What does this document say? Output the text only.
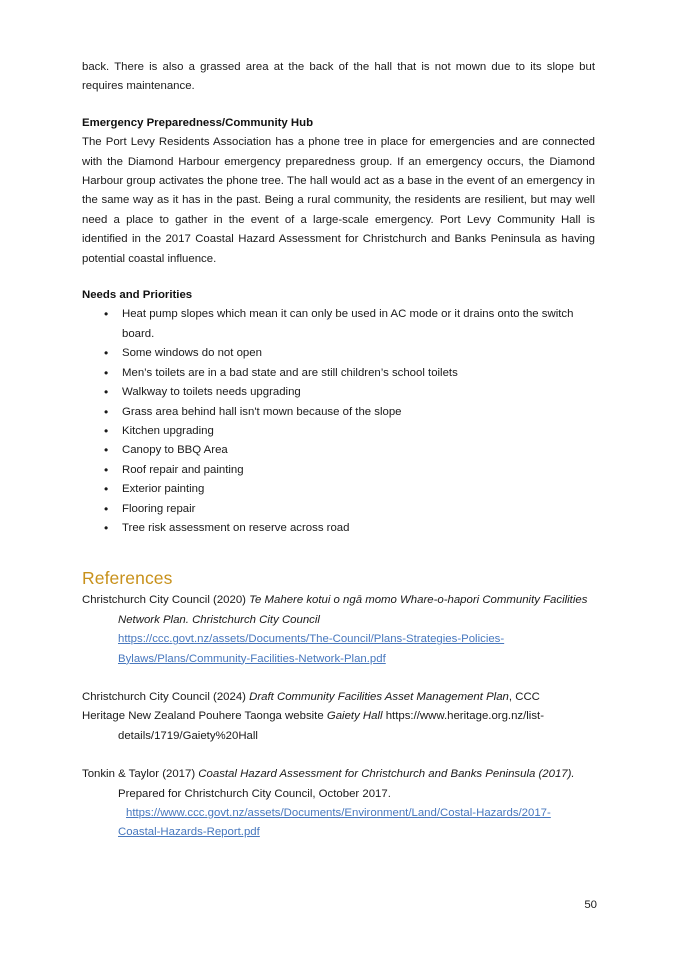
back. There is also a grassed area at the back of the hall that is not mown due to its slope but requires maintenance.

Emergency Preparedness/Community Hub

The Port Levy Residents Association has a phone tree in place for emergencies and are connected with the Diamond Harbour emergency preparedness group. If an emergency occurs, the Diamond Harbour group activates the phone tree. The hall would act as a base in the event of an emergency in the same way as it has in the past. Being a rural community, the residents are resilient, but may well need a place to gather in the event of a large-scale emergency. Port Levy Community Hall is identified in the 2017 Coastal Hazard Assessment for Christchurch and Banks Peninsula as having potential coastal influence.

Needs and Priorities
• Heat pump slopes which mean it can only be used in AC mode or it drains onto the switch board.
• Some windows do not open
• Men’s toilets are in a bad state and are still children’s school toilets
• Walkway to toilets needs upgrading
• Grass area behind hall isn't mown because of the slope
• Kitchen upgrading
• Canopy to BBQ Area
• Roof repair and painting
• Exterior painting
• Flooring repair
• Tree risk assessment on reserve across road
References
Christchurch City Council (2020) Te Mahere kotui o ngā momo Whare-o-hapori Community Facilities
Network Plan. Christchurch City Council
https://ccc.govt.nz/assets/Documents/The-Council/Plans-Strategies-Policies-
Bylaws/Plans/Community-Facilities-Network-Plan.pdf
Christchurch City Council (2024) Draft Community Facilities Asset Management Plan, CCC
Heritage New Zealand Pouhere Taonga website Gaiety Hall https://www.heritage.org.nz/list-
details/1719/Gaiety%20Hall
Tonkin & Taylor (2017) Coastal Hazard Assessment for Christchurch and Banks Peninsula (2017).
Prepared for Christchurch City Council, October 2017.
https://www.ccc.govt.nz/assets/Documents/Environment/Land/Costal-Hazards/2017-
Coastal-Hazards-Report.pdf
50
